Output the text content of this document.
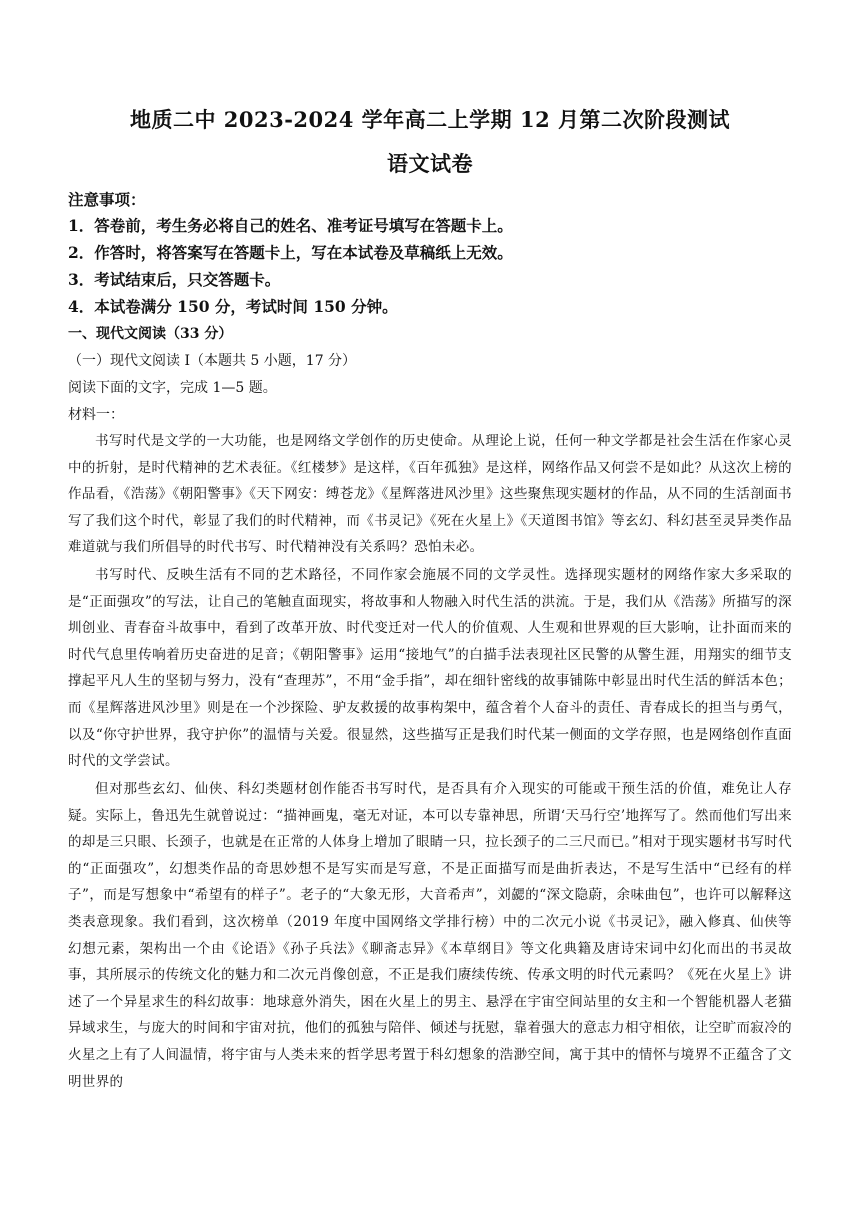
地质二中 2023-2024 学年高二上学期 12 月第二次阶段测试
语文试卷
注意事项：
1．答卷前，考生务必将自己的姓名、准考证号填写在答题卡上。
2．作答时，将答案写在答题卡上，写在本试卷及草稿纸上无效。
3．考试结束后，只交答题卡。
4．本试卷满分 150 分，考试时间 150 分钟。
一、现代文阅读（33 分）
（一）现代文阅读 I（本题共 5 小题，17 分）
阅读下面的文字，完成 1—5 题。
材料一：
书写时代是文学的一大功能，也是网络文学创作的历史使命。从理论上说，任何一种文学都是社会生活在作家心灵中的折射，是时代精神的艺术表征。《红楼梦》是这样，《百年孤独》是这样，网络作品又何尝不是如此？从这次上榜的作品看，《浩荡》《朝阳警事》《天下网安：缚苍龙》《星辉落进风沙里》这些聚焦现实题材的作品，从不同的生活剖面书写了我们这个时代，彰显了我们的时代精神，而《书灵记》《死在火星上》《天道图书馆》等玄幻、科幻甚至灵异类作品难道就与我们所倡导的时代书写、时代精神没有关系吗？恐怕未必。
书写时代、反映生活有不同的艺术路径，不同作家会施展不同的文学灵性。选择现实题材的网络作家大多采取的是“正面强攻”的写法，让自己的笔触直面现实，将故事和人物融入时代生活的洪流。于是，我们从《浩荡》所描写的深圳创业、青春奋斗故事中，看到了改革开放、时代变迁对一代人的价值观、人生观和世界观的巨大影响，让扑面而来的时代气息里传响着历史奋进的足音；《朝阳警事》运用“接地气”的白描手法表现社区民警的从警生涯，用翔实的细节支撑起平凡人生的坚韧与努力，没有“查理苏”，不用“金手指”，却在细针密线的故事铺陈中彰显出时代生活的鲜活本色；而《星辉落进风沙里》则是在一个沙探险、驴友救援的故事构架中，蕴含着个人奋斗的责任、青春成长的担当与勇气，以及“你守护世界，我守护你”的温情与关爱。很显然，这些描写正是我们时代某一侧面的文学存照，也是网络创作直面时代的文学尝试。
但对那些玄幻、仙侠、科幻类题材创作能否书写时代，是否具有介入现实的可能或干预生活的价值，难免让人存疑。实际上，鲁迅先生就曾说过：“描神画鬼，毫无对证，本可以专靠神思，所谓‘天马行空’地挥写了。然而他们写出来的却是三只眼、长颈子，也就是在正常的人体身上增加了眼睛一只，拉长颈子的二三尺而已。”相对于现实题材书写时代的“正面强攻”，幻想类作品的奇思妙想不是写实而是写意，不是正面描写而是曲折表达，不是写生活中“已经有的样子”，而是写想象中“希望有的样子”。老子的“大象无形，大音希声”，刘勰的“深文隐蔚，余味曲包”，也许可以解释这类表意现象。我们看到，这次榜单（2019 年度中国网络文学排行榜）中的二次元小说《书灵记》，融入修真、仙侠等幻想元素，架构出一个由《论语》《孙子兵法》《聊斋志异》《本草纲目》等文化典籍及唐诗宋词中幻化而出的书灵故事，其所展示的传统文化的魅力和二次元肖像创意，不正是我们赓续传统、传承文明的时代元素吗？《死在火星上》讲述了一个异星求生的科幻故事：地球意外消失，困在火星上的男主、悬浮在宇宙空间站里的女主和一个智能机器人老猫异域求生，与庞大的时间和宇宙对抗，他们的孤独与陪伴、倾述与抚慰，靠着强大的意志力相守相依，让空旷而寂冷的火星之上有了人间温情，将宇宙与人类未来的哲学思考置于科幻想象的浩渺空间，寓于其中的情怀与境界不正蕴含了文明世界的
